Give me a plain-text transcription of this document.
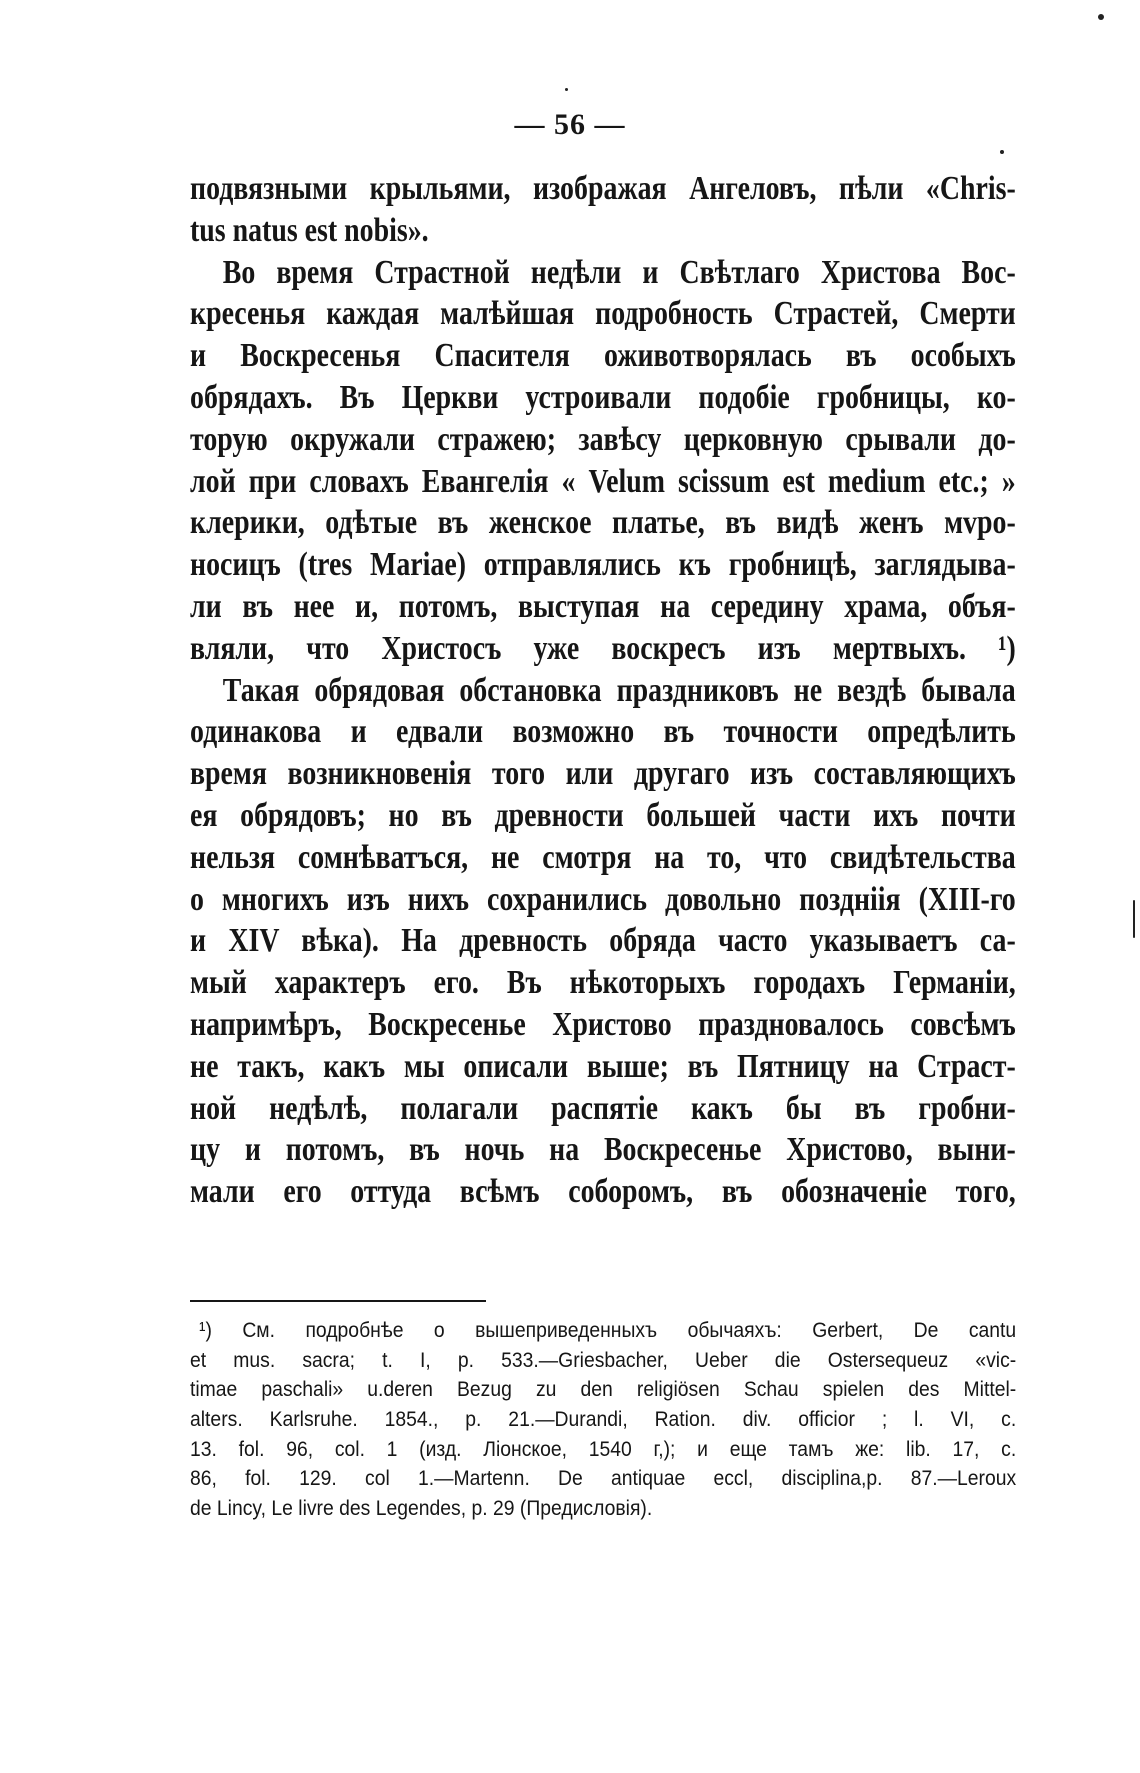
— 56 —
подвязными крыльями, изображая Ангеловъ, пѣли «Chris-
tus natus est nobis».
Во время Страстной недѣли и Свѣтлаго Христова Вос-
кресенья каждая малѣйшая подробность Страстей, Смерти
и Воскресенья Спасителя оживотворялась въ особыхъ
обрядахъ. Въ Церкви устроивали подобіе гробницы, ко-
торую окружали стражею; завѣсу церковную срывали до-
лой при словахъ Евангелія « Velum scissum est medium etc.; »
клерики, одѣтые въ женское платье, въ видѣ женъ мvро-
носицъ (tres Mariae) отправлялись къ гробницѣ, заглядыва-
ли въ нее и, потомъ, выступая на середину храма, объя-
вляли, что Христосъ уже воскресъ изъ мертвыхъ. ¹)
Такая обрядовая обстановка праздниковъ не вездѣ бывала
одинакова и едвали возможно въ точности опредѣлить
время возникновенія того или другаго изъ составляющихъ
ея обрядовъ; но въ древности большей части ихъ почти
нельзя сомнѣватъся, не смотря на то, что свидѣтельства
о многихъ изъ нихъ сохранились довольно поздніія (XIII-го
и XIV вѣка). На древность обряда часто указываетъ са-
мый характеръ его. Въ нѣкоторыхъ городахъ Германіи,
напримѣръ, Воскресенье Христово праздновалось совсѣмъ
не такъ, какъ мы описали выше; въ Пятницу на Страст-
ной недѣлѣ, полагали распятіе какъ бы въ гробни-
цу и потомъ, въ ночь на Воскресенье Христово, выни-
мали его оттуда всѣмъ соборомъ, въ обозначеніе того,
¹) См. подробнѣе о вышеприведенныхъ обычаяхъ: Gerbert, De cantu
et mus. sacra; t. I, p. 533.—Griesbacher, Ueber die Ostersequeuz «vic-
timae paschali» u.deren Bezug zu den religiösen Schau spielen des Mittel-
alters. Karlsruhe. 1854., p. 21.—Durandi, Ration. div. officior ; l. VI, c.
13. fol. 96, col. 1 (изд. Ліонское, 1540 г,); и еще тамъ же: lib. 17, c.
86, fol. 129. col 1.—Martenn. De antiquae eccl, disciplina,p. 87.—Leroux
de Lincy, Le livre des Legendes, p. 29 (Предисловія).
